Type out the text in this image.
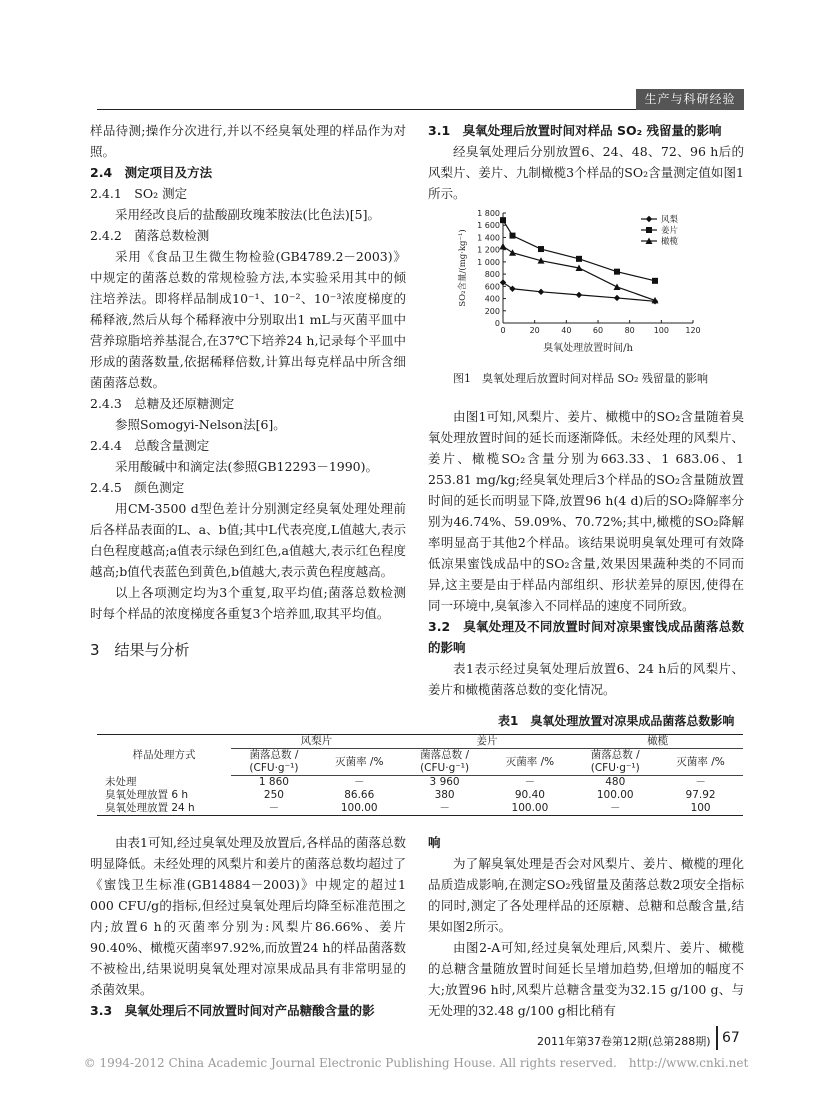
生产与科研经验

样品待测;操作分次进行,并以不经臭氧处理的样品作为对照。

2.4　测定项目及方法

2.4.1　SO₂ 测定

采用经改良后的盐酸副玫瑰苯胺法(比色法)[5]。

2.4.2　菌落总数检测

采用《食品卫生微生物检验(GB4789.2－2003)》中规定的菌落总数的常规检验方法,本实验采用其中的倾注培养法。即将样品制成10⁻¹、10⁻²、10⁻³浓度梯度的稀释液,然后从每个稀释液中分别取出1 mL与灭菌平皿中营养琼脂培养基混合,在37℃下培养24 h,记录每个平皿中形成的菌落数量,依据稀释倍数,计算出每克样品中所含细菌菌落总数。

2.4.3　总糖及还原糖测定

参照Somogyi-Nelson法[6]。

2.4.4　总酸含量测定

采用酸碱中和滴定法(参照GB12293－1990)。

2.4.5　颜色测定

用CM-3500 d型色差计分别测定经臭氧处理处理前后各样品表面的L、a、b值;其中L代表亮度,L值越大,表示白色程度越高;a值表示绿色到红色,a值越大,表示红色程度越高;b值代表蓝色到黄色,b值越大,表示黄色程度越高。

以上各项测定均为3个重复,取平均值;菌落总数检测时每个样品的浓度梯度各重复3个培养皿,取其平均值。

3　结果与分析

3.1　臭氧处理后放置时间对样品 SO₂ 残留量的影响

经臭氧处理后分别放置6、24、48、72、96 h后的风梨片、姜片、九制橄榄3个样品的SO₂含量测定值如图1所示。

0
200
400
600
800
1 000
1 200
1 400
1 600
1 800
0	20	40	60	80 100 120
臭氧处理放置时间/h
SO₂含量/(mg·kg⁻¹)
风梨
姜片
橄榄
图1　臭氧处理后放置时间对样品 SO₂ 残留量的影响

由图1可知,风梨片、姜片、橄榄中的SO₂含量随着臭氧处理放置时间的延长而逐渐降低。未经处理的风梨片、姜片、橄榄SO₂含量分别为663.33、1 683.06、1 253.81 mg/kg;经臭氧处理后3个样品的SO₂含量随放置时间的延长而明显下降,放置96 h(4 d)后的SO₂降解率分别为46.74%、59.09%、70.72%;其中,橄榄的SO₂降解率明显高于其他2个样品。该结果说明臭氧处理可有效降低凉果蜜饯成品中的SO₂含量,效果因果蔬种类的不同而异,这主要是由于样品内部组织、形状差异的原因,使得在同一环境中,臭氧渗入不同样品的速度不同所致。

3.2　臭氧处理及不同放置时间对凉果蜜饯成品菌落总数的影响

表1表示经过臭氧处理后放置6、24 h后的风梨片、姜片和橄榄菌落总数的变化情况。

表1　臭氧处理放置对凉果成品菌落总数影响
样品处理方式	风梨片		姜片		橄榄	
	菌落总数 /	灭菌率 /%	菌落总数 /	灭菌率 /%	菌落总数 /	灭菌率 /%
	(CFU·g⁻¹)		(CFU·g⁻¹)		(CFU·g⁻¹)	
未处理	1 860	－	3 960	－	480	－
臭氧处理放置 6 h	250	86.66	380	90.40	100.00	97.92
臭氧处理放置 24 h	－	100.00	－	100.00	－	100

由表1可知,经过臭氧处理及放置后,各样品的菌落总数明显降低。未经处理的风梨片和姜片的菌落总数均超过了《蜜饯卫生标准(GB14884－2003)》中规定的超过1 000 CFU/g的指标,但经过臭氧处理后均降至标准范围之内;放置6 h的灭菌率分别为:风梨片86.66%、姜片90.40%、橄榄灭菌率97.92%,而放置24 h的样品菌落数不被检出,结果说明臭氧处理对凉果成品具有非常明显的杀菌效果。

3.3　臭氧处理后不同放置时间对产品糖酸含量的影

响

为了解臭氧处理是否会对风梨片、姜片、橄榄的理化品质造成影响,在测定SO₂残留量及菌落总数2项安全指标的同时,测定了各处理样品的还原糖、总糖和总酸含量,结果如图2所示。

由图2-A可知,经过臭氧处理后,风梨片、姜片、橄榄的总糖含量随放置时间延长呈增加趋势,但增加的幅度不大;放置96 h时,风梨片总糖含量变为32.15 g/100 g、与无处理的32.48 g/100 g相比稍有

2011年第37卷第12期(总第288期) 67
© 1994-2012 China Academic Journal Electronic Publishing House. All rights reserved.　http://www.cnki.net
